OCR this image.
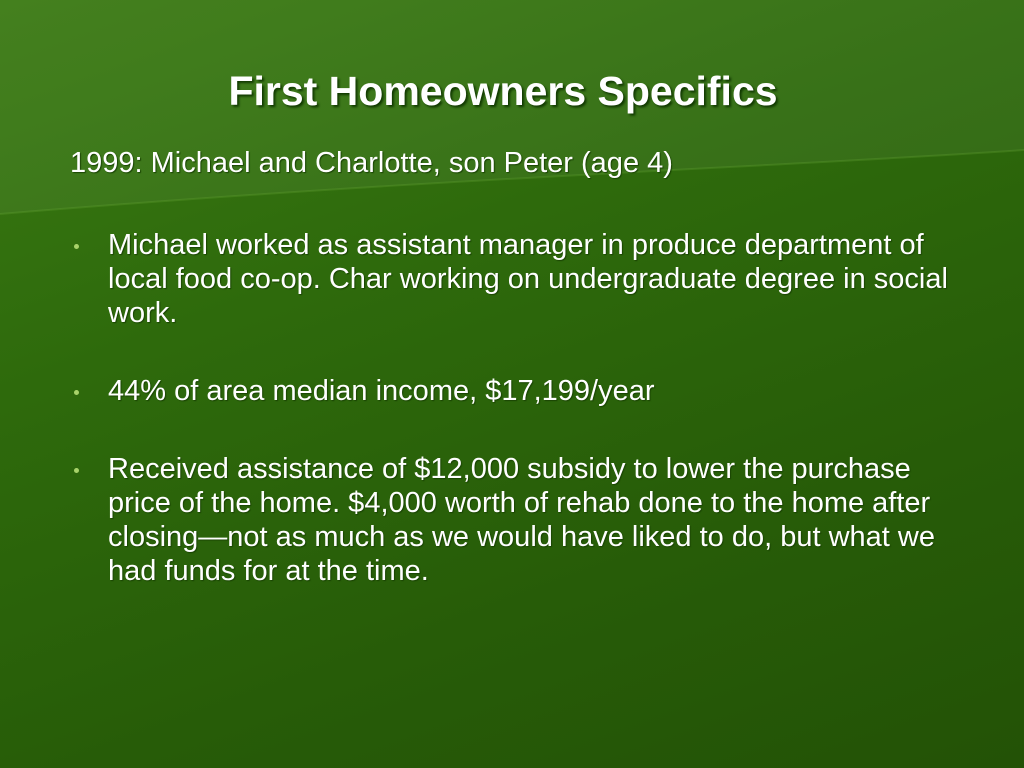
First Homeowners Specifics
1999: Michael and Charlotte, son Peter (age 4)
Michael worked as assistant manager in produce department of local food co-op. Char working on undergraduate degree in social work.
44% of area median income, $17,199/year
Received assistance of $12,000 subsidy to lower the purchase price of the home. $4,000 worth of rehab done to the home after closing—not as much as we would have liked to do, but what we had funds for at the time.
